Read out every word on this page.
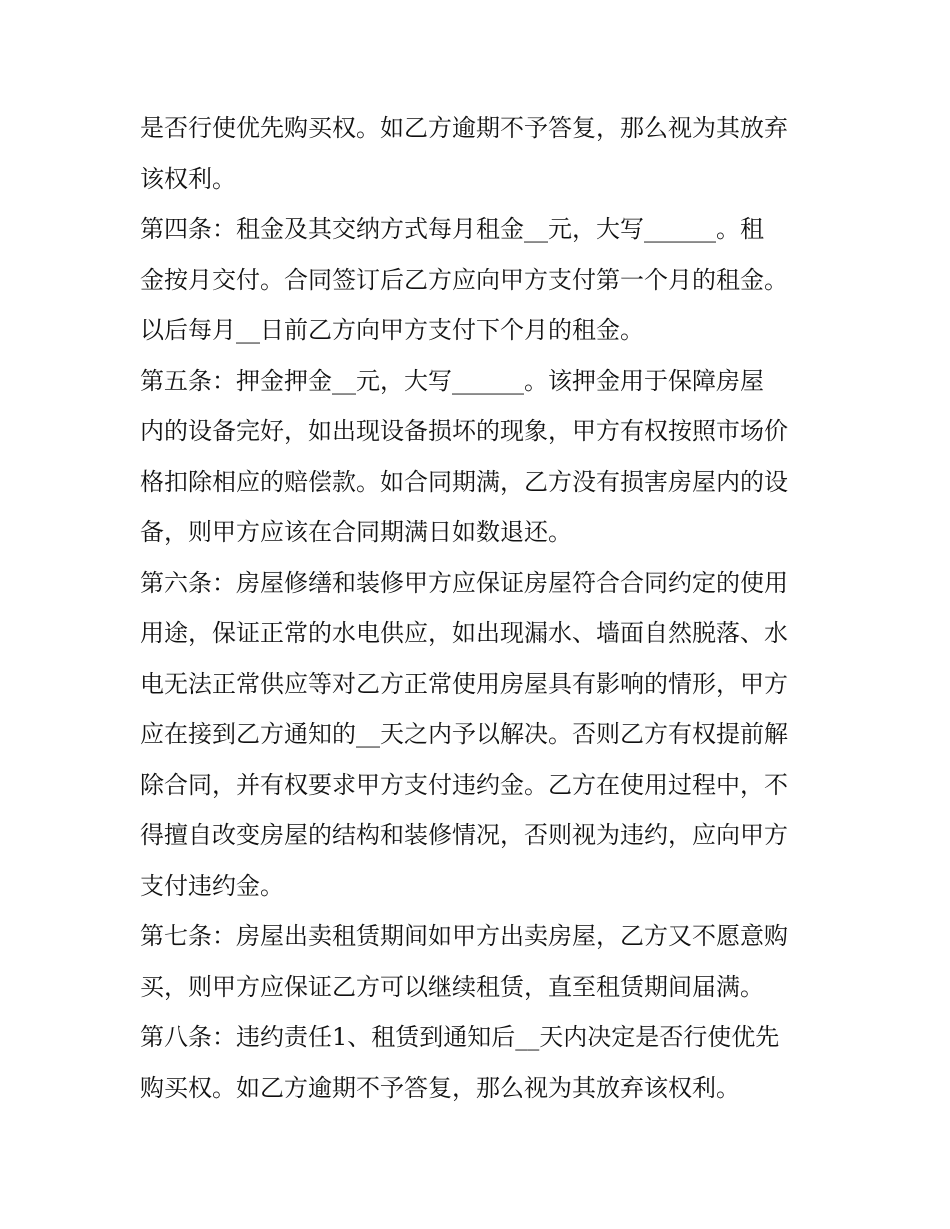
是否行使优先购买权。如乙方逾期不予答复，那么视为其放弃
该权利。
第四条：租金及其交纳方式每月租金__元，大写______。租
金按月交付。合同签订后乙方应向甲方支付第一个月的租金。
以后每月__日前乙方向甲方支付下个月的租金。
第五条：押金押金__元，大写______。该押金用于保障房屋
内的设备完好，如出现设备损坏的现象，甲方有权按照市场价
格扣除相应的赔偿款。如合同期满，乙方没有损害房屋内的设
备，则甲方应该在合同期满日如数退还。
第六条：房屋修缮和装修甲方应保证房屋符合合同约定的使用
用途，保证正常的水电供应，如出现漏水、墙面自然脱落、水
电无法正常供应等对乙方正常使用房屋具有影响的情形，甲方
应在接到乙方通知的__天之内予以解决。否则乙方有权提前解
除合同，并有权要求甲方支付违约金。乙方在使用过程中，不
得擅自改变房屋的结构和装修情况，否则视为违约，应向甲方
支付违约金。
第七条：房屋出卖租赁期间如甲方出卖房屋，乙方又不愿意购
买，则甲方应保证乙方可以继续租赁，直至租赁期间届满。
第八条：违约责任1、租赁到通知后__天内决定是否行使优先
购买权。如乙方逾期不予答复，那么视为其放弃该权利。
